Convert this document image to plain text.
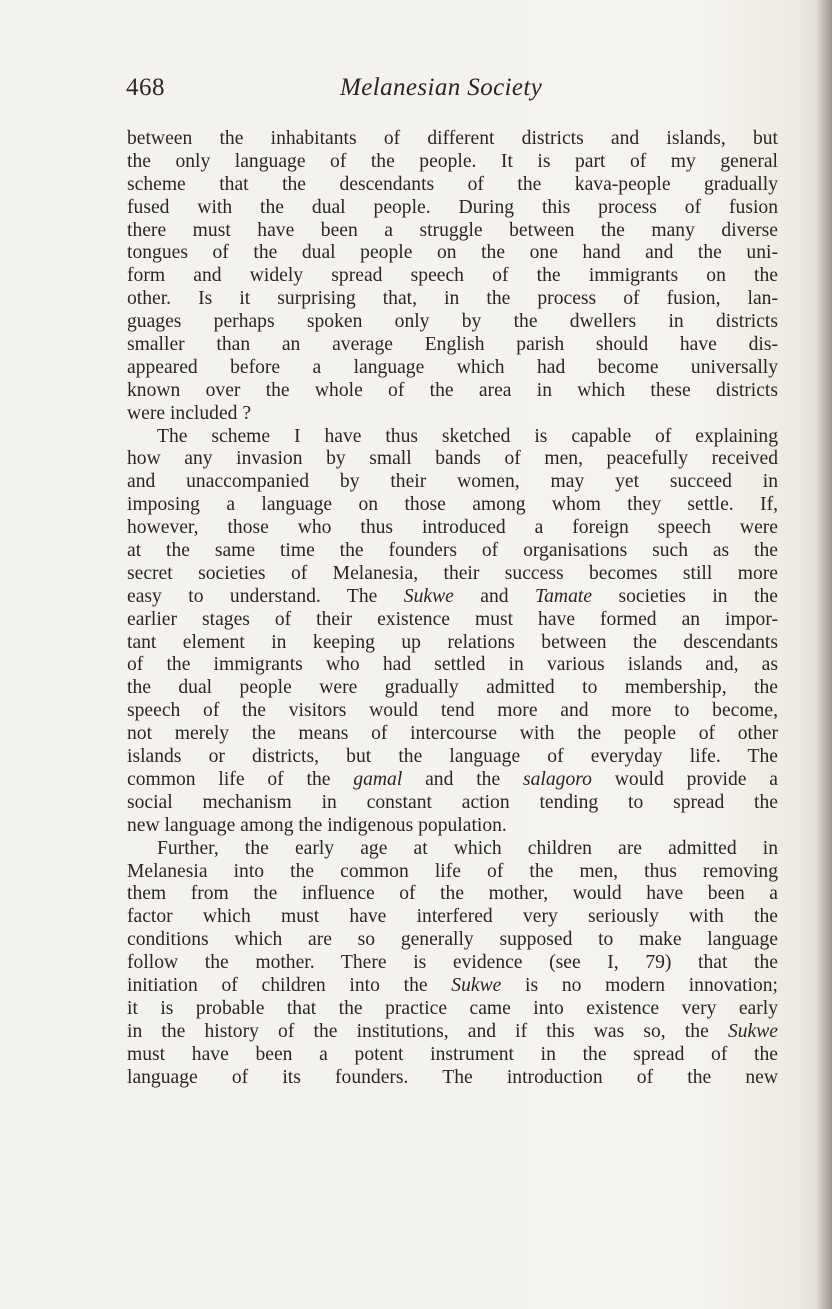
468	Melanesian Society
between the inhabitants of different districts and islands, but
the only language of the people. It is part of my general
scheme that the descendants of the kava-people gradually
fused with the dual people. During this process of fusion
there must have been a struggle between the many diverse
tongues of the dual people on the one hand and the uni-
form and widely spread speech of the immigrants on the
other. Is it surprising that, in the process of fusion, lan-
guages perhaps spoken only by the dwellers in districts
smaller than an average English parish should have dis-
appeared before a language which had become universally
known over the whole of the area in which these districts
were included ?
The scheme I have thus sketched is capable of explaining
how any invasion by small bands of men, peacefully received
and unaccompanied by their women, may yet succeed in
imposing a language on those among whom they settle. If,
however, those who thus introduced a foreign speech were
at the same time the founders of organisations such as the
secret societies of Melanesia, their success becomes still more
easy to understand. The Sukwe and Tamate societies in the
earlier stages of their existence must have formed an impor-
tant element in keeping up relations between the descendants
of the immigrants who had settled in various islands and, as
the dual people were gradually admitted to membership, the
speech of the visitors would tend more and more to become,
not merely the means of intercourse with the people of other
islands or districts, but the language of everyday life. The
common life of the gamal and the salagoro would provide a
social mechanism in constant action tending to spread the
new language among the indigenous population.
Further, the early age at which children are admitted in
Melanesia into the common life of the men, thus removing
them from the influence of the mother, would have been a
factor which must have interfered very seriously with the
conditions which are so generally supposed to make language
follow the mother. There is evidence (see I, 79) that the
initiation of children into the Sukwe is no modern innovation;
it is probable that the practice came into existence very early
in the history of the institutions, and if this was so, the Sukwe
must have been a potent instrument in the spread of the
language of its founders. The introduction of the new
